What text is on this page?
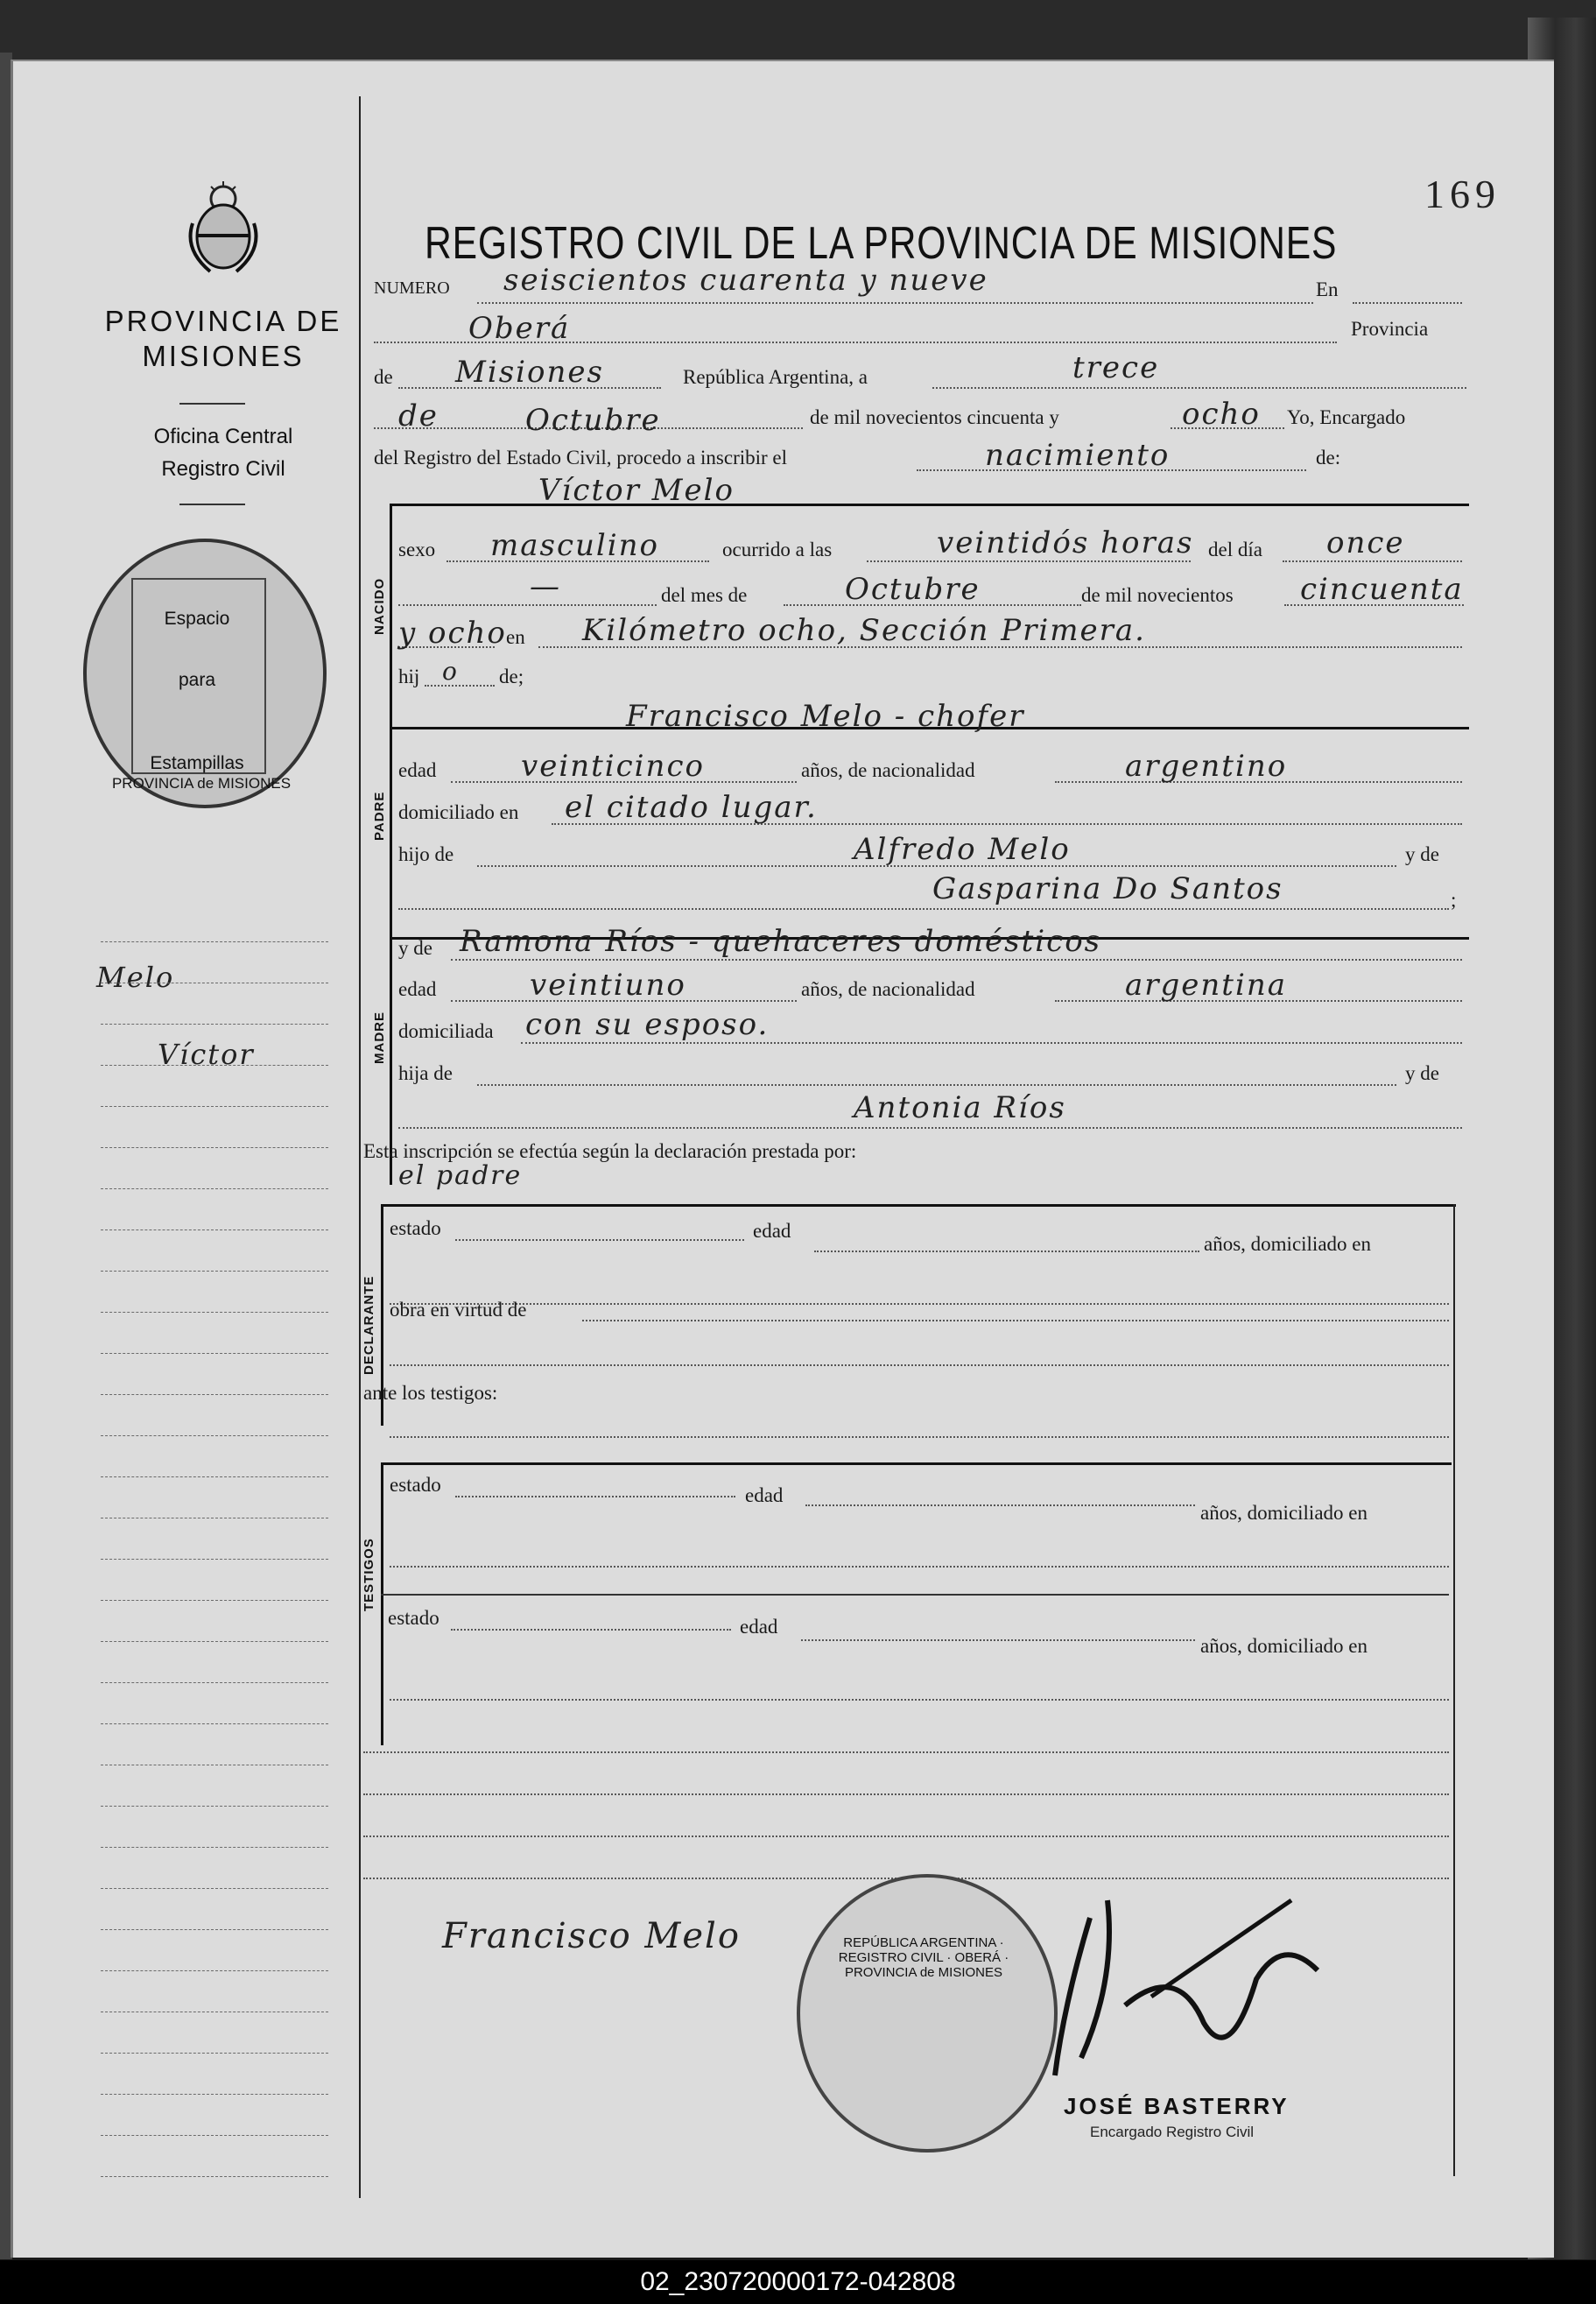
169
PROVINCIA DE
MISIONES
Oficina Central
Registro Civil
Espacio
para
Estampillas
PROVINCIA de MISIONES
Melo
Víctor
REGISTRO CIVIL DE LA PROVINCIA DE MISIONES
NUMERO seiscientos cuarenta y nueve	En
Oberá	Provincia
de Misiones	República Argentina, a	trece
de	Octubre	de mil novecientos cincuenta y	ocho Yo, Encargado
del Registro del Estado Civil, procedo a inscribir el	nacimiento	de:
NACIDO
Víctor Melo
sexo masculino	ocurrido a las	veintidós horas del día once
—	del mes de	Octubre	de mil novecientos cincuenta
y ocho en Kilómetro ocho, Sección Primera.
hij o de;
PADRE
Francisco Melo - chofer
edad	veinticinco	años, de nacionalidad	argentino
domiciliado en el citado lugar.
hijo de	Alfredo Melo	y de
Gasparina Do Santos	;
MADRE
y de Ramona Ríos - quehaceres domésticos
edad	veintiuno	años, de nacionalidad	argentina
domiciliada con su esposo.
hija de	y de
Antonia Ríos
Esta inscripción se efectúa según la declaración prestada por:
el padre
DECLARANTE
estado	edad
años, domiciliado en
obra en virtud de
ante los testigos:
TESTIGOS
estado	edad
años, domiciliado en
estado	edad
años, domiciliado en
Francisco Melo	REPÚBLICA ARGENTINA · REGISTRO CIVIL · OBERÁ · PROVINCIA de MISIONES
JOSÉ BASTERRY
Encargado Registro Civil
02_230720000172-042808
